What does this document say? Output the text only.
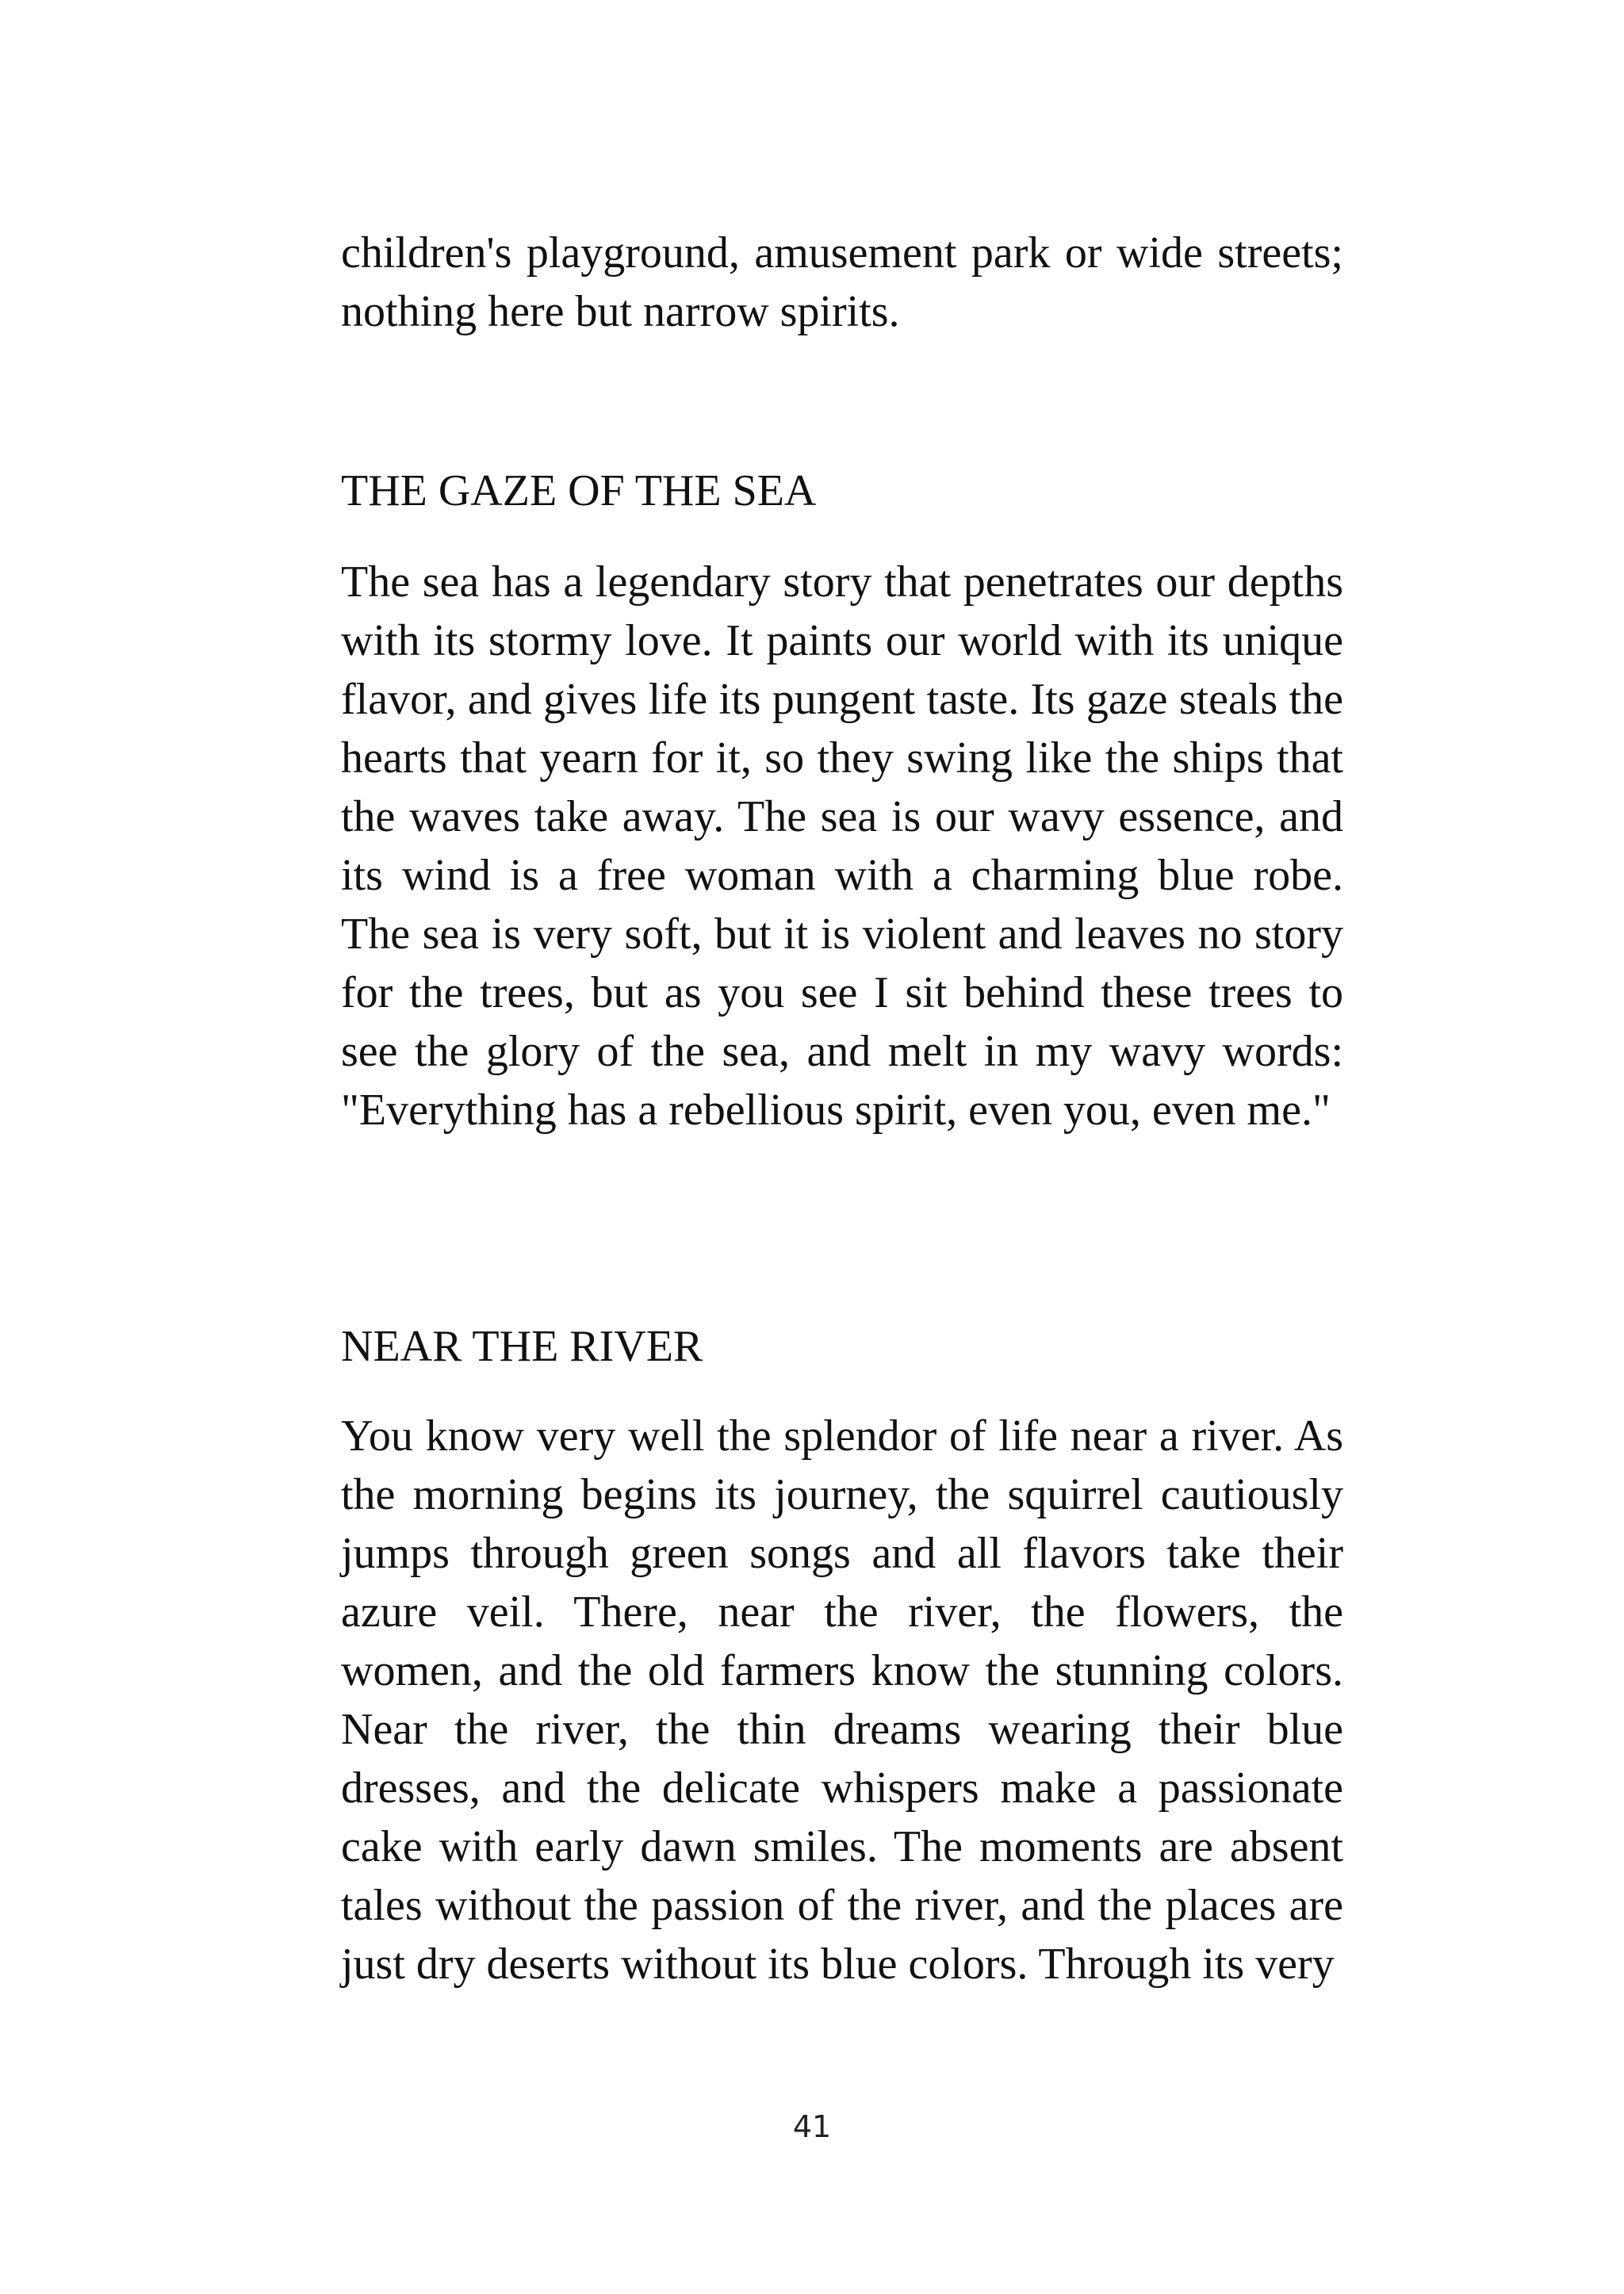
children's playground, amusement park or wide streets; nothing here but narrow spirits.

THE GAZE OF THE SEA

The sea has a legendary story that penetrates our depths with its stormy love. It paints our world with its unique flavor, and gives life its pungent taste. Its gaze steals the hearts that yearn for it, so they swing like the ships that the waves take away. The sea is our wavy essence, and its wind is a free woman with a charming blue robe. The sea is very soft, but it is violent and leaves no story for the trees, but as you see I sit behind these trees to see the glory of the sea, and melt in my wavy words: "Everything has a rebellious spirit, even you, even me."

NEAR THE RIVER

You know very well the splendor of life near a river. As the morning begins its journey, the squirrel cautiously jumps through green songs and all flavors take their azure veil. There, near the river, the flowers, the women, and the old farmers know the stunning colors. Near the river, the thin dreams wearing their blue dresses, and the delicate whispers make a passionate cake with early dawn smiles. The moments are absent tales without the passion of the river, and the places are just dry deserts without its blue colors. Through its very

41
